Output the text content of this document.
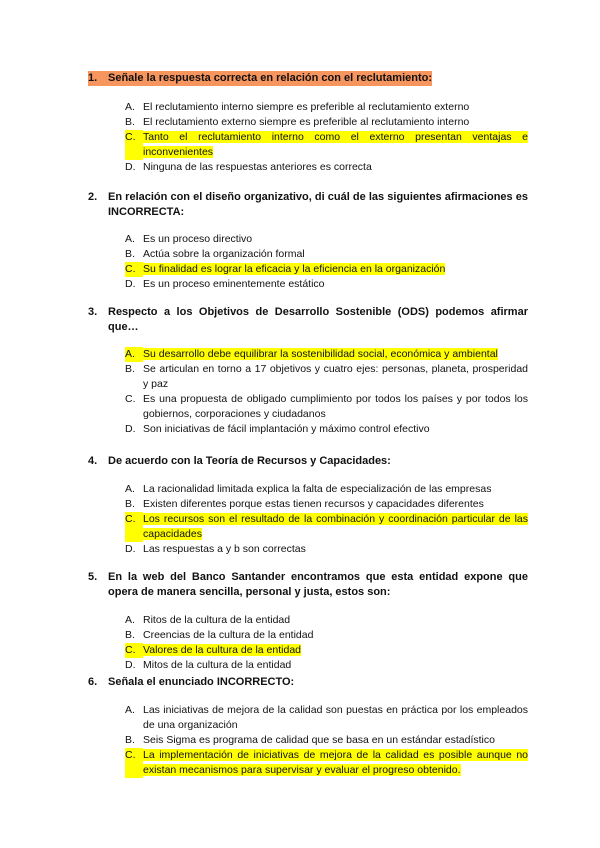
1. Señale la respuesta correcta en relación con el reclutamiento:
A. El reclutamiento interno siempre es preferible al reclutamiento externo
B. El reclutamiento externo siempre es preferible al reclutamiento interno
C. Tanto el reclutamiento interno como el externo presentan ventajas e inconvenientes
D. Ninguna de las respuestas anteriores es correcta
2. En relación con el diseño organizativo, di cuál de las siguientes afirmaciones es INCORRECTA:
A. Es un proceso directivo
B. Actúa sobre la organización formal
C. Su finalidad es lograr la eficacia y la eficiencia en la organización
D. Es un proceso eminentemente estático
3. Respecto a los Objetivos de Desarrollo Sostenible (ODS) podemos afirmar que…
A. Su desarrollo debe equilibrar la sostenibilidad social, económica y ambiental
B. Se articulan en torno a 17 objetivos y cuatro ejes: personas, planeta, prosperidad y paz
C. Es una propuesta de obligado cumplimiento por todos los países y por todos los gobiernos, corporaciones y ciudadanos
D. Son iniciativas de fácil implantación y máximo control efectivo
4. De acuerdo con la Teoría de Recursos y Capacidades:
A. La racionalidad limitada explica la falta de especialización de las empresas
B. Existen diferentes porque estas tienen recursos y capacidades diferentes
C. Los recursos son el resultado de la combinación y coordinación particular de las capacidades
D. Las respuestas a y b son correctas
5. En la web del Banco Santander encontramos que esta entidad expone que opera de manera sencilla, personal y justa, estos son:
A. Ritos de la cultura de la entidad
B. Creencias de la cultura de la entidad
C. Valores de la cultura de la entidad
D. Mitos de la cultura de la entidad
6. Señala el enunciado INCORRECTO:
A. Las iniciativas de mejora de la calidad son puestas en práctica por los empleados de una organización
B. Seis Sigma es programa de calidad que se basa en un estándar estadístico
C. La implementación de iniciativas de mejora de la calidad es posible aunque no existan mecanismos para supervisar y evaluar el progreso obtenido.
